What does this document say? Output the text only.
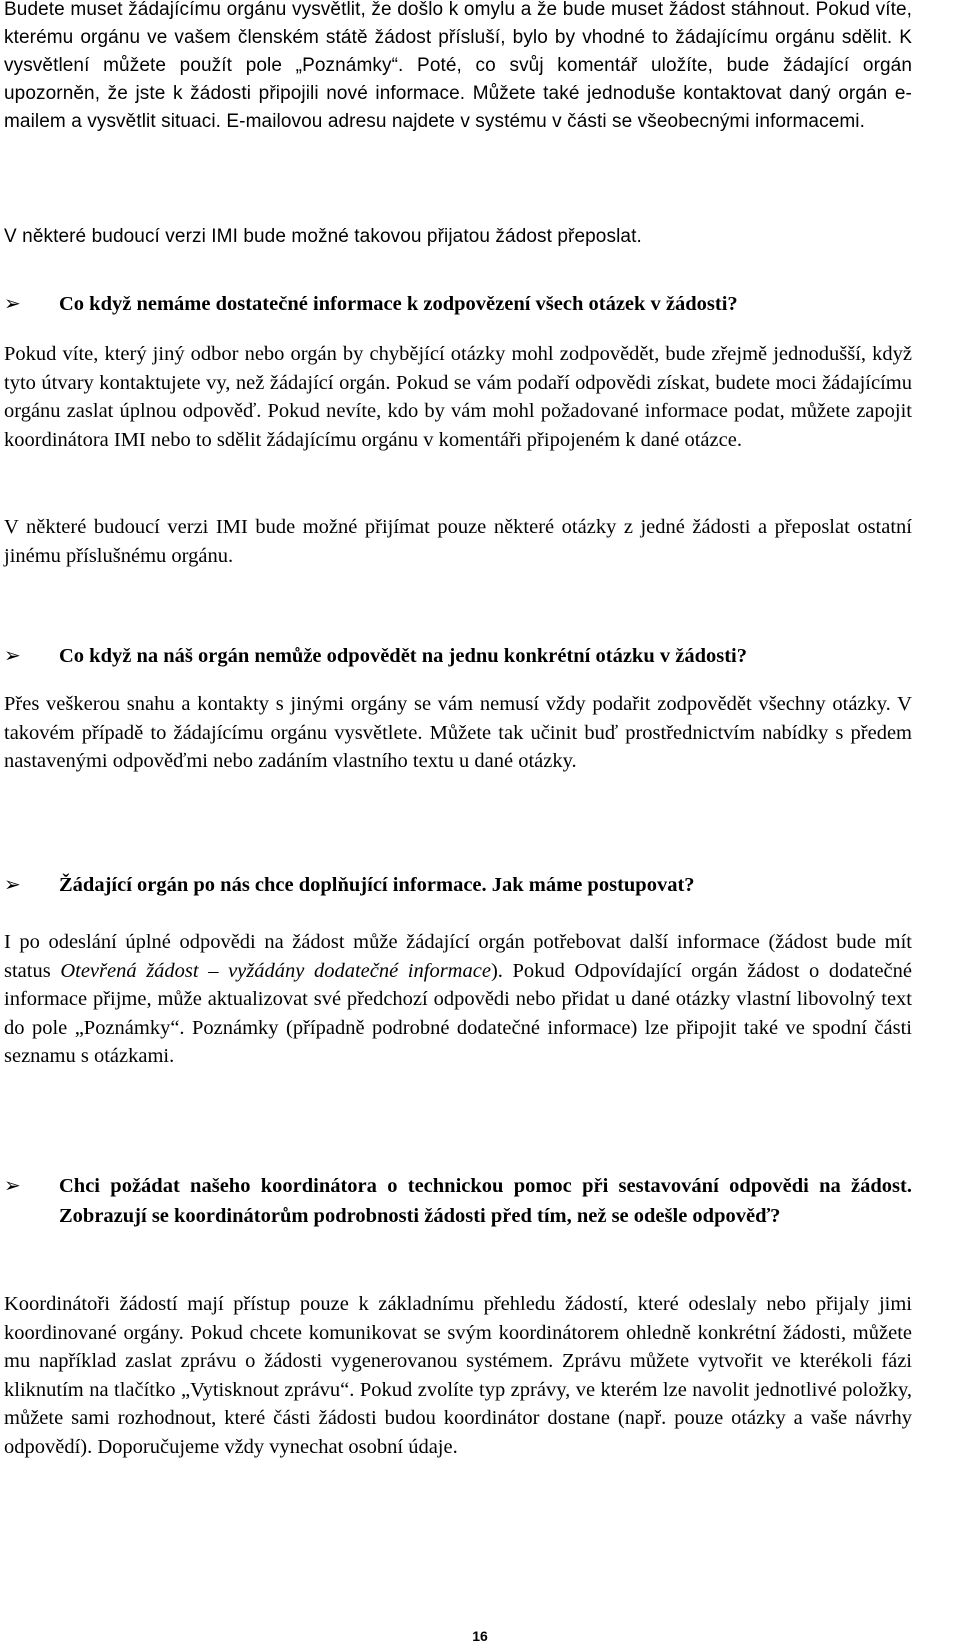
Budete muset žádajícímu orgánu vysvětlit, že došlo k omylu a že bude muset žádost stáhnout. Pokud víte, kterému orgánu ve vašem členském státě žádost přísluší, bylo by vhodné to žádajícímu orgánu sdělit. K vysvětlení můžete použít pole „Poznámky“. Poté, co svůj komentář uložíte, bude žádající orgán upozorněn, že jste k žádosti připojili nové informace. Můžete také jednoduše kontaktovat daný orgán e-mailem a vysvětlit situaci. E-mailovou adresu najdete v systému v části se všeobecnými informacemi.

V některé budoucí verzi IMI bude možné takovou přijatou žádost přeposlat.

➢	Co když nemáme dostatečné informace k zodpovězení všech otázek v žádosti?

Pokud víte, který jiný odbor nebo orgán by chybějící otázky mohl zodpovědět, bude zřejmě jednodušší, když tyto útvary kontaktujete vy, než žádající orgán. Pokud se vám podaří odpovědi získat, budete moci žádajícímu orgánu zaslat úplnou odpověď. Pokud nevíte, kdo by vám mohl požadované informace podat, můžete zapojit koordinátora IMI nebo to sdělit žádajícímu orgánu v komentáři připojeném k dané otázce.

V některé budoucí verzi IMI bude možné přijímat pouze některé otázky z jedné žádosti a přeposlat ostatní jinému příslušnému orgánu.

➢	Co když na náš orgán nemůže odpovědět na jednu konkrétní otázku v žádosti?

Přes veškerou snahu a kontakty s jinými orgány se vám nemusí vždy podařit zodpovědět všechny otázky. V takovém případě to žádajícímu orgánu vysvětlete. Můžete tak učinit buď prostřednictvím nabídky s předem nastavenými odpověďmi nebo zadáním vlastního textu u dané otázky.

➢	Žádající orgán po nás chce doplňující informace. Jak máme postupovat?

I po odeslání úplné odpovědi na žádost může žádající orgán potřebovat další informace (žádost bude mít status Otevřená žádost – vyžádány dodatečné informace). Pokud Odpovídající orgán žádost o dodatečné informace přijme, může aktualizovat své předchozí odpovědi nebo přidat u dané otázky vlastní libovolný text do pole „Poznámky“. Poznámky (případně podrobné dodatečné informace) lze připojit také ve spodní části seznamu s otázkami.

➢	Chci požádat našeho koordinátora o technickou pomoc při sestavování odpovědi na žádost. Zobrazují se koordinátorům podrobnosti žádosti před tím, než se odešle odpověď?

Koordinátoři žádostí mají přístup pouze k základnímu přehledu žádostí, které odeslaly nebo přijaly jimi koordinované orgány. Pokud chcete komunikovat se svým koordinátorem ohledně konkrétní žádosti, můžete mu například zaslat zprávu o žádosti vygenerovanou systémem. Zprávu můžete vytvořit ve kterékoli fázi kliknutím na tlačítko „Vytisknout zprávu“. Pokud zvolíte typ zprávy, ve kterém lze navolit jednotlivé položky, můžete sami rozhodnout, které části žádosti budou koordinátor dostane (např. pouze otázky a vaše návrhy odpovědí). Doporučujeme vždy vynechat osobní údaje.

16
